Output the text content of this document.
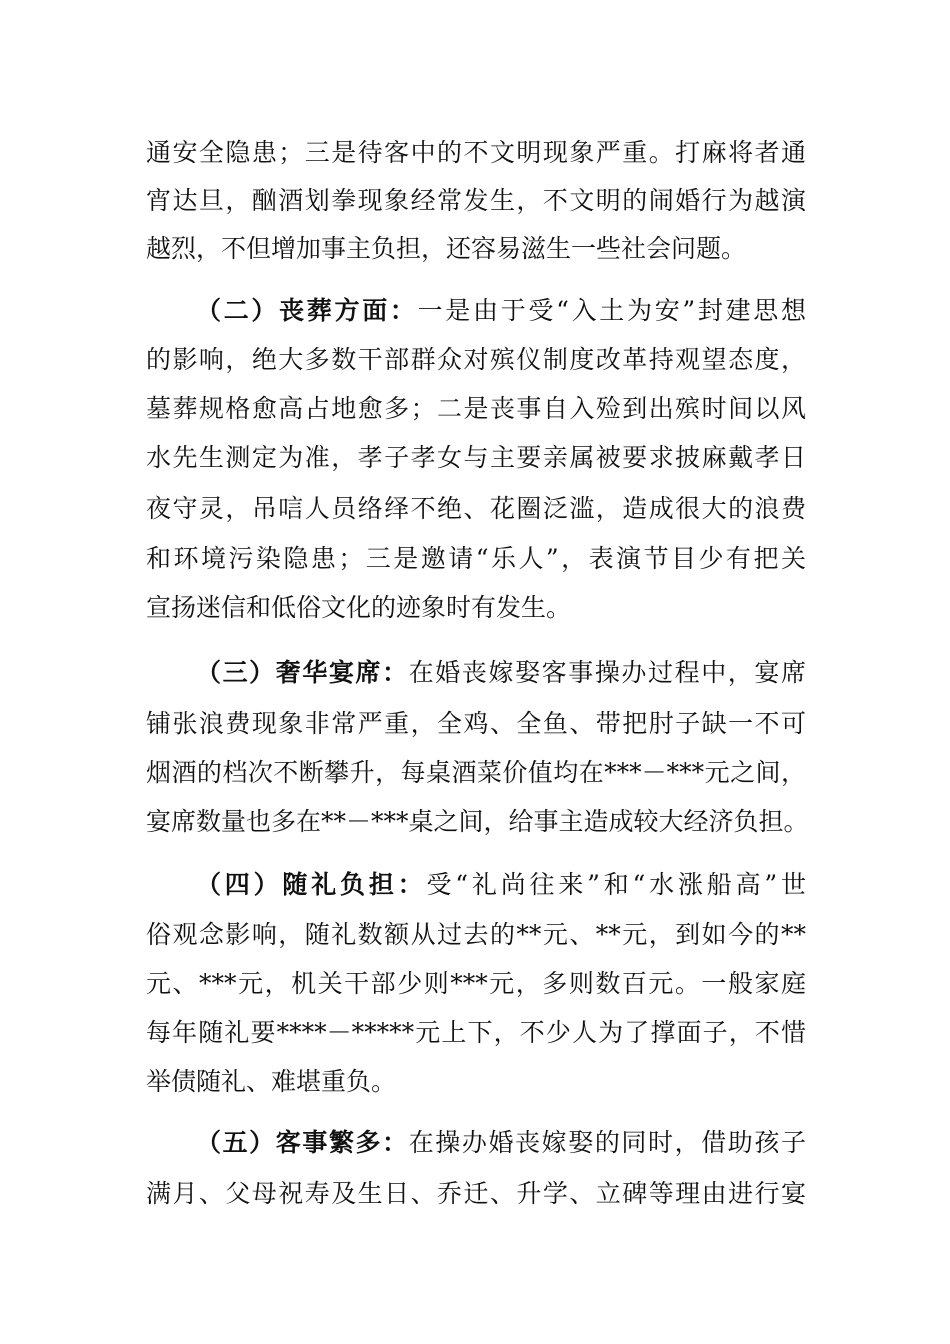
通安全隐患；三是待客中的不文明现象严重。打麻将者通
宵达旦，酗酒划拳现象经常发生，不文明的闹婚行为越演
越烈，不但增加事主负担，还容易滋生一些社会问题。
（二）丧葬方面：一是由于受“入土为安”封建思想
的影响，绝大多数干部群众对殡仪制度改革持观望态度，
墓葬规格愈高占地愈多；二是丧事自入殓到出殡时间以风
水先生测定为准，孝子孝女与主要亲属被要求披麻戴孝日
夜守灵，吊唁人员络绎不绝、花圈泛滥，造成很大的浪费
和环境污染隐患；三是邀请“乐人”，表演节目少有把关
宣扬迷信和低俗文化的迹象时有发生。
（三）奢华宴席：在婚丧嫁娶客事操办过程中，宴席
铺张浪费现象非常严重，全鸡、全鱼、带把肘子缺一不可
烟酒的档次不断攀升，每桌酒菜价值均在***－***元之间，
宴席数量也多在**－***桌之间，给事主造成较大经济负担。
（四）随礼负担：受“礼尚往来”和“水涨船高”世
俗观念影响，随礼数额从过去的**元、**元，到如今的**
元、***元，机关干部少则***元，多则数百元。一般家庭
每年随礼要****－*****元上下，不少人为了撑面子，不惜
举债随礼、难堪重负。
（五）客事繁多：在操办婚丧嫁娶的同时，借助孩子
满月、父母祝寿及生日、乔迁、升学、立碑等理由进行宴
